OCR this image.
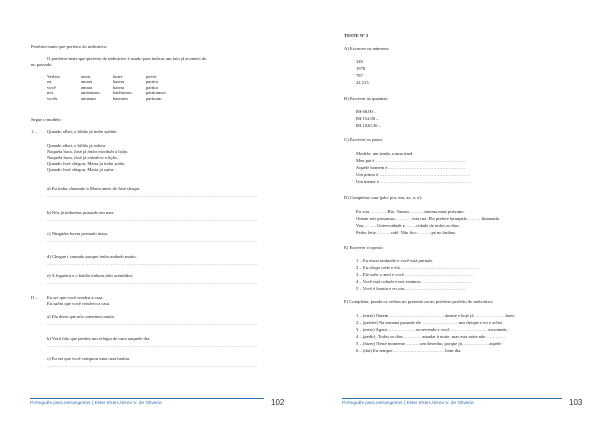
Pretérito-mais-que-perfeito do indicativo:
O pretérito-mais-que-perfeito do indicativo é usado para indicar um fato já aconteci do
no passado.
Verbos	amar	bater	partir
eu	amara	batera	partira
você	amara	batera	partira
nós	amáramos	batêramos	partíramos
vocês	amaram	bateram	partiram
Segue o modelo:
1 – Quando olhei, o bilião já tinha subido.
Quando olhei, o bilião já subira
Naquela hora, José já tinha entedido a lição.
Naquela hora, José já entedera a lição.
Quando José chegou, Maria já tinha saído.
Quando José chegou, Maria já saíra.
a) Eu tinha chamado a Maria antes de José chegar.
……………………………………………………………………………………………………………………
b) Nós já tínhamos passado em mar.
……………………………………………………………………………………………………………………
c) Ninguém havia pensado nisso.
……………………………………………………………………………………………………………………
d) Chegue i cansado porque tinha andado muito.
……………………………………………………………………………………………………………………
e) A fogueira e o bailão tinham sido acendidos.
……………………………………………………………………………………………………………………
II – Eu sei que você vendeu a casa.
Eu sabia que você vendera a casa.
a) Ela disse que nós comemos muito.
……………………………………………………………………………………………………………………
b) Você falo que perdeu um relógio de ouro naquele dia.
……………………………………………………………………………………………………………………
c) Eu sei que você comprou uma casa bonita.
……………………………………………………………………………………………………………………
Português para estrangeiros | Ester Ester Abreu V. de Oliveira	102
TESTE Nº 2
A) Escrever os números:
340
1978
787
22.215
B) Escrever as quantias:
R$ 68,00 –
R$ 152,00 –
R$ 1020,30 –
C) Escrever os pares:
Modelo: um irmão a uma irmã.
Meu pai é……………………………………………………
Aquele homem é……………………………………………
Um primo é……………………………………………………
Um menor e……………………………………………………
D) Completar com (pão, por, em, ao, a, à):
Eu vou…………Rio. Vamos……….cinema mais próximo.
Ontem nós passamos……….. esta rua. Ela prefere laranjada……….limonada.
Vou…. …..Universidade e……..cidade de todos os dias.
Pedro leite……….café. Não fico……….pé no ônibus.
E) Escrever o oposto:
1 – Eu estou andando e você está parada.
2 – Eu chego cedo e ela ……………………………………………
3 – Ele sobe o anel e você ………………………………………
4 – Você está calado e nós estamos ……………………………
5 – Você é bonita e eu sou …………………………………
F) Completar, pondo os verbos no presente ou no pretérito perfeito do indicativo:
1 – (estar) Ontem……………………………… doente e hoje já…………………bom.
2 – (perder) Na semana passada ele ……………………um cheque e eu o achei.
3 – (estar) Agora……………… escrevendo e você …………………… escutando.
4 – (pedir) ;Todos os dias………… amadar à noite, mas esta noite não …………
5 – (fazer) Neste momento ………um desenho, porque já………………aquele
6 – (dar) Eu sempre …………………………… bom dia.
Português para estrangeiros | Ester Ester Abreu V. de Oliveira	103
